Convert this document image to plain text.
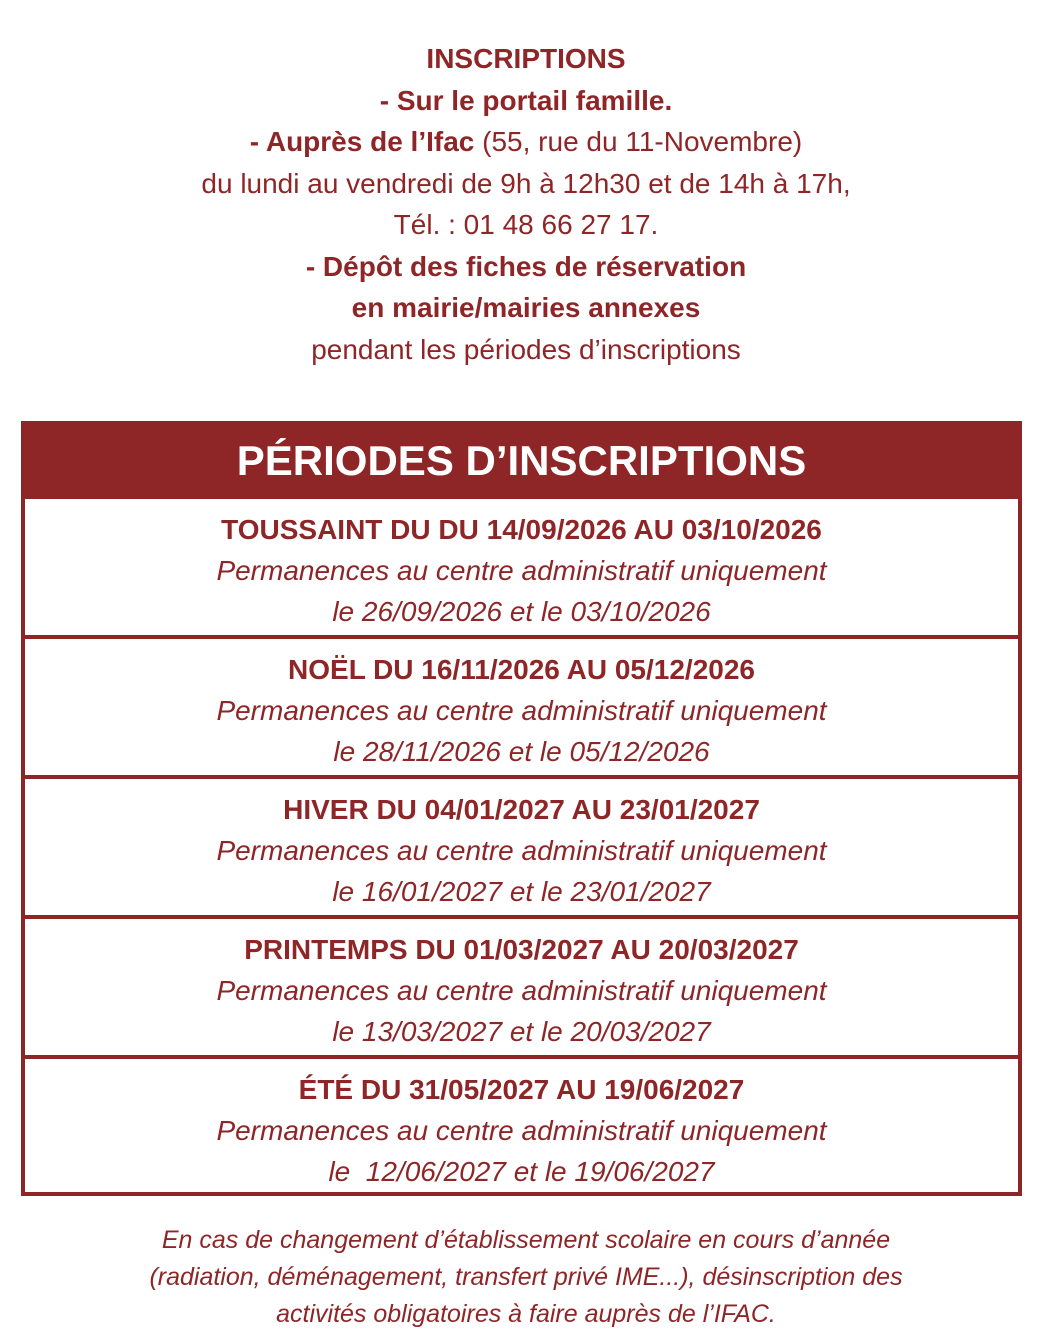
INSCRIPTIONS
- Sur le portail famille.
- Auprès de l’Ifac (55, rue du 11-Novembre)
du lundi au vendredi de 9h à 12h30 et de 14h à 17h,
Tél. : 01 48 66 27 17.
- Dépôt des fiches de réservation
en mairie/mairies annexes
pendant les périodes d’inscriptions
PÉRIODES D’INSCRIPTIONS
TOUSSAINT DU DU 14/09/2026 AU 03/10/2026
Permanences au centre administratif uniquement
le 26/09/2026 et le 03/10/2026
NOËL DU 16/11/2026 AU 05/12/2026
Permanences au centre administratif uniquement
le 28/11/2026 et le 05/12/2026
HIVER DU 04/01/2027 AU 23/01/2027
Permanences au centre administratif uniquement
le 16/01/2027 et le 23/01/2027
PRINTEMPS DU 01/03/2027 AU 20/03/2027
Permanences au centre administratif uniquement
le 13/03/2027 et le 20/03/2027
ÉTÉ DU 31/05/2027 AU 19/06/2027
Permanences au centre administratif uniquement
le  12/06/2027 et le 19/06/2027
En cas de changement d’établissement scolaire en cours d’année
(radiation, déménagement, transfert privé IME...), désinscription des
activités obligatoires à faire auprès de l’IFAC.
